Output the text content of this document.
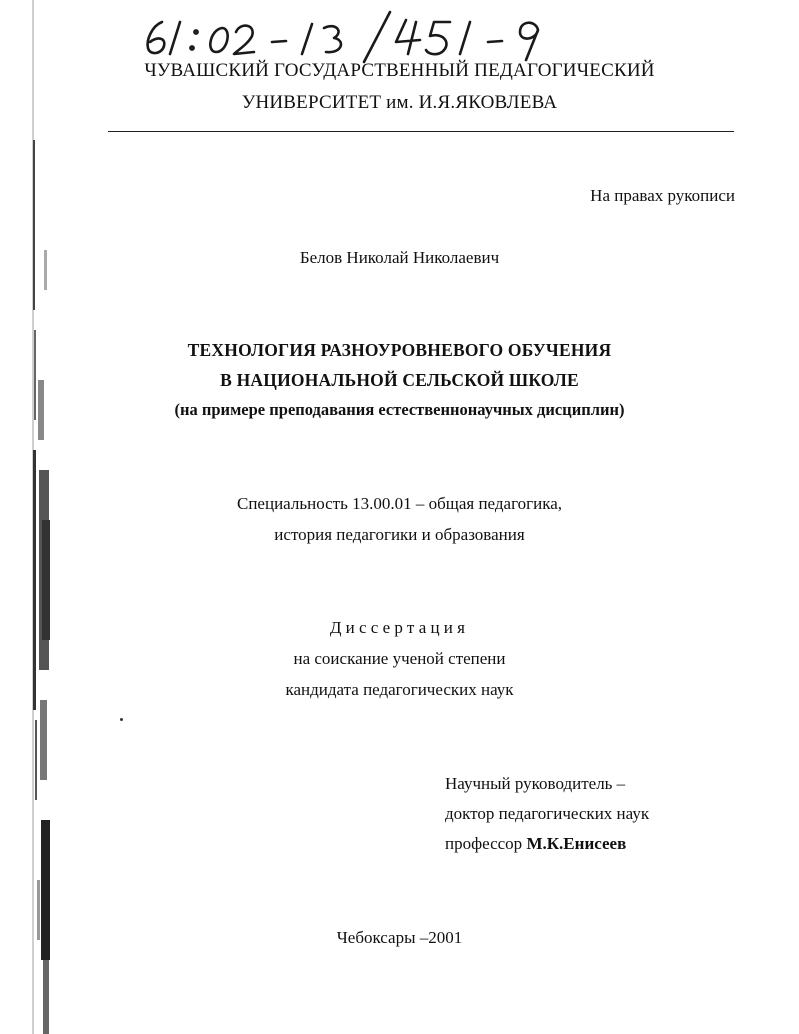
ЧУВАШСКИЙ ГОСУДАРСТВЕННЫЙ ПЕДАГОГИЧЕСКИЙ
УНИВЕРСИТЕТ им. И.Я.ЯКОВЛЕВА
На правах рукописи
Белов Николай Николаевич
ТЕХНОЛОГИЯ РАЗНОУРОВНЕВОГО ОБУЧЕНИЯ
В НАЦИОНАЛЬНОЙ СЕЛЬСКОЙ ШКОЛЕ
(на примере преподавания естественнонаучных дисциплин)
Специальность 13.00.01 – общая педагогика,
история педагогики и образования
Диссертация
на соискание ученой степени
кандидата педагогических наук
Научный руководитель –
доктор педагогических наук
профессор М.К.Енисеев
Чебоксары –2001
